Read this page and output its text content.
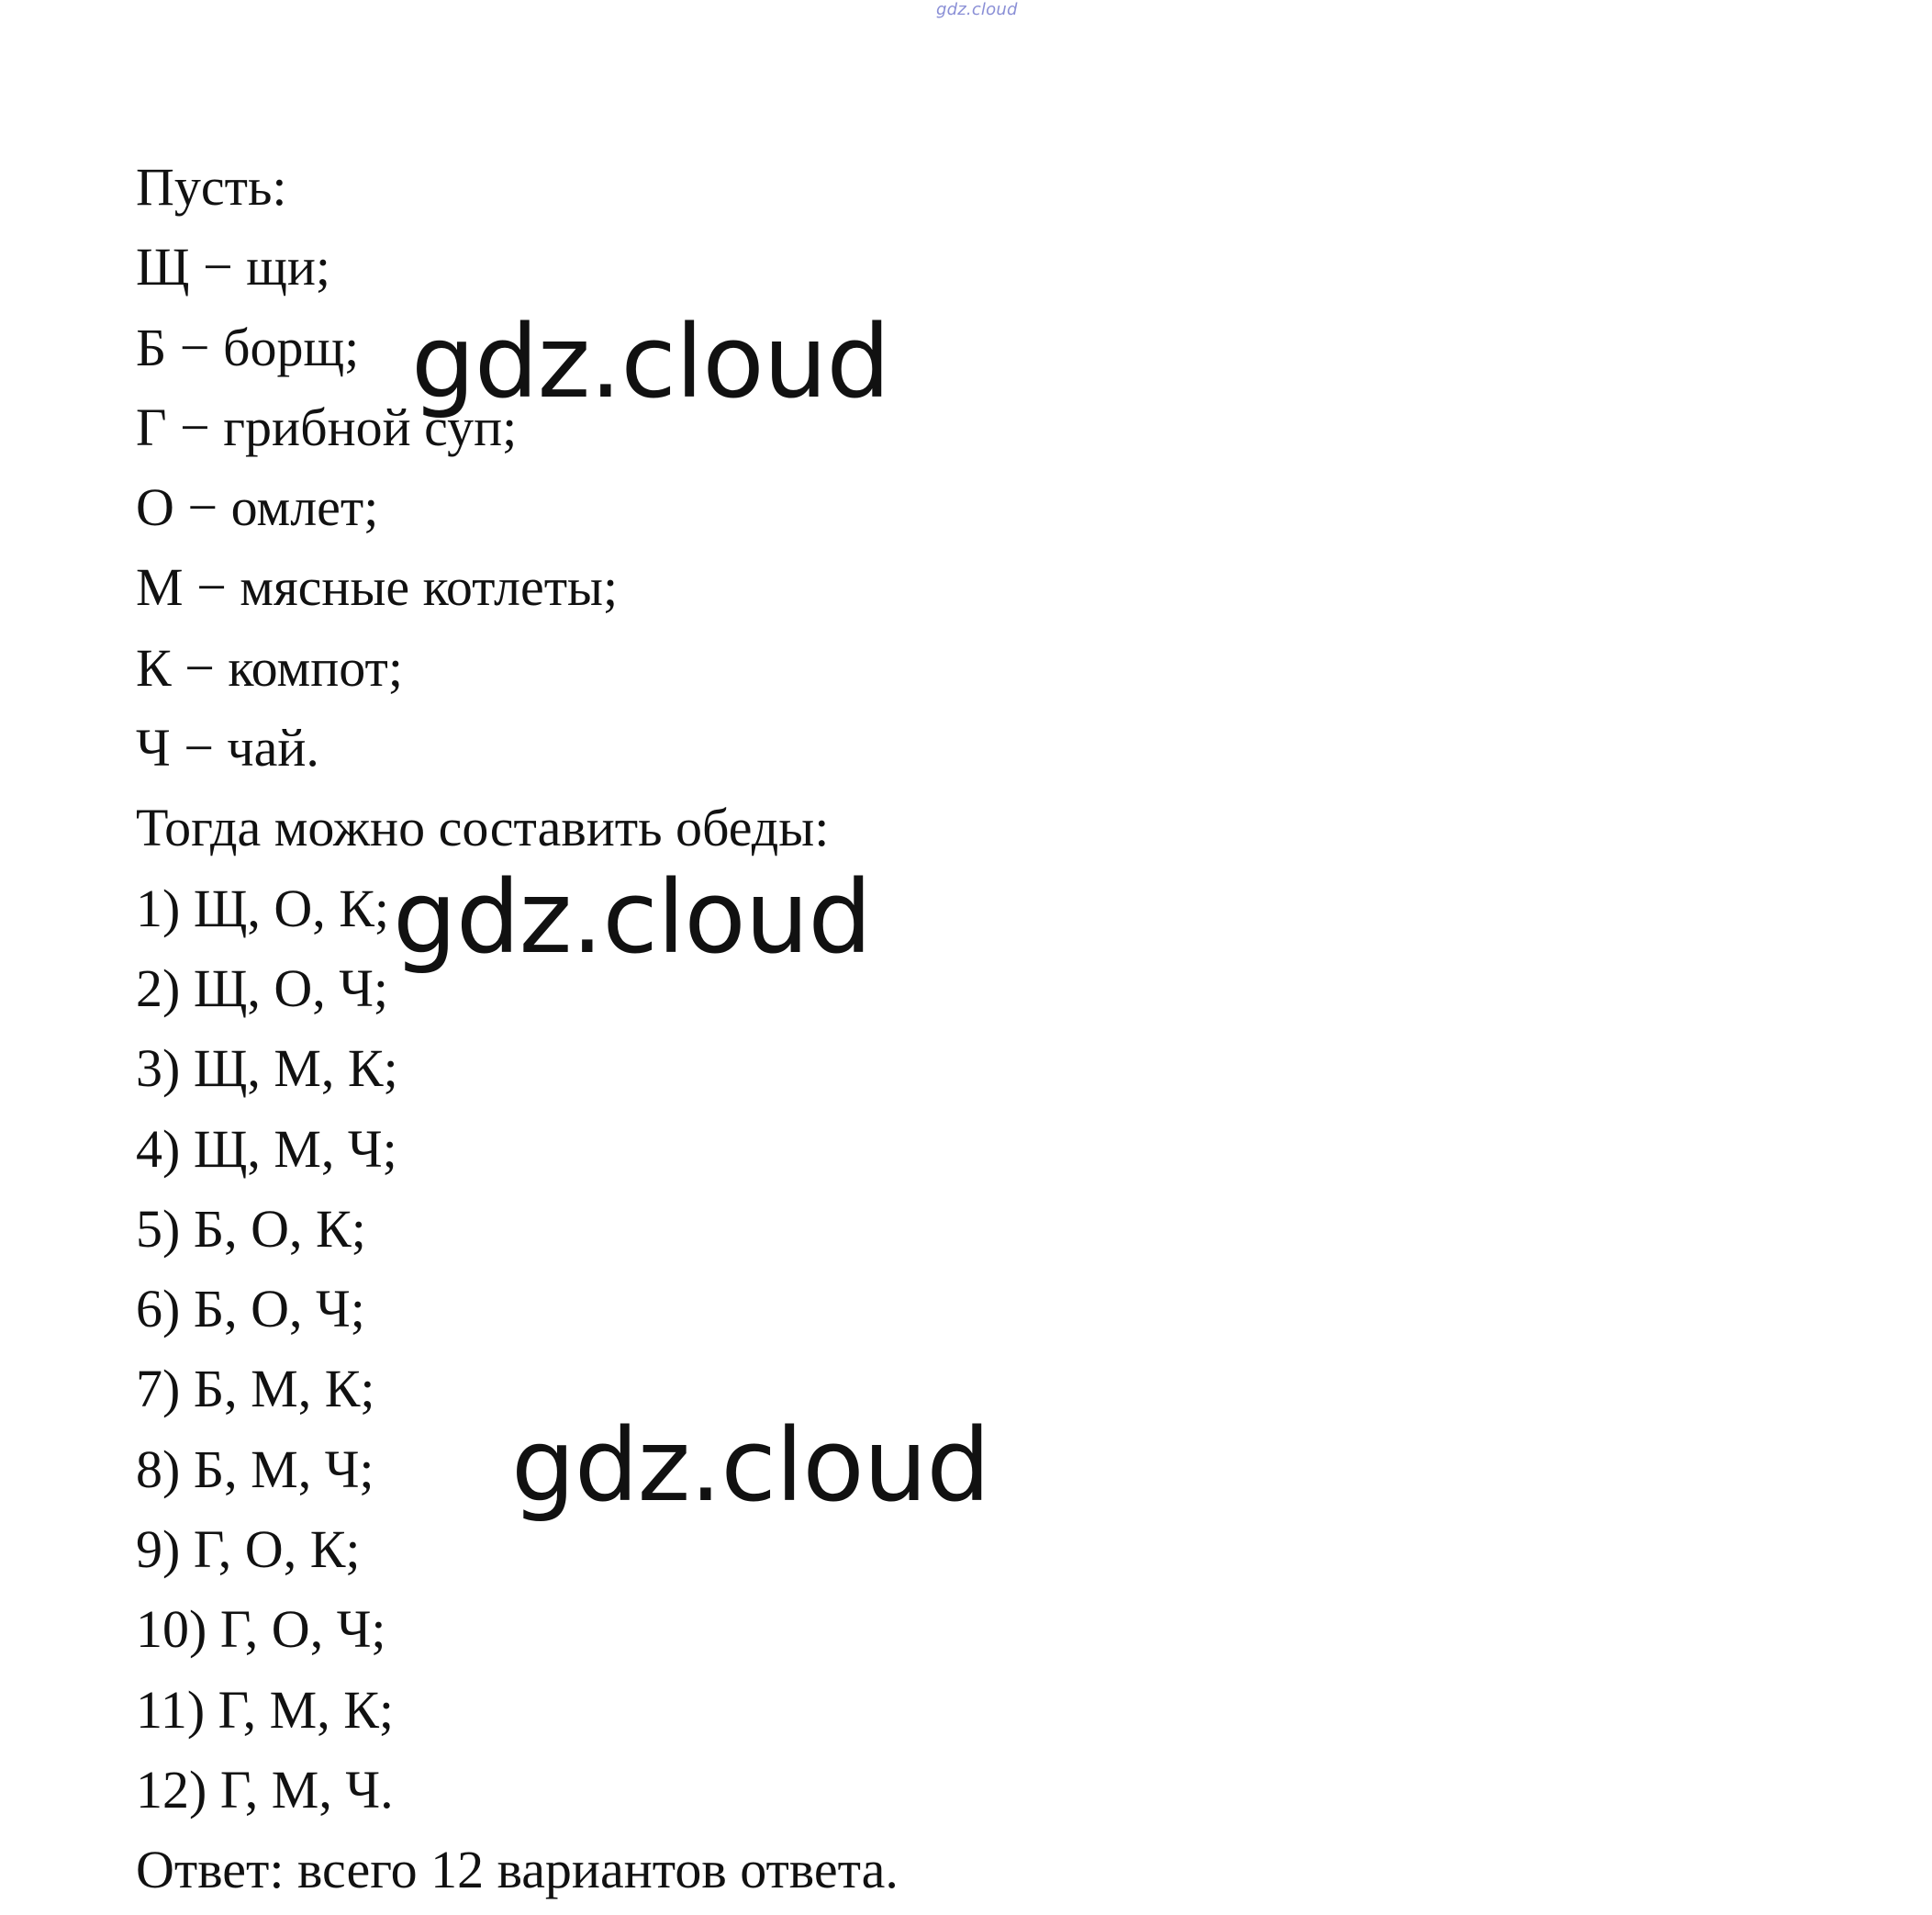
gdz.cloud
Пусть:
Щ − щи;
Б − борщ;
Г − грибной суп;
О − омлет;
М − мясные котлеты;
К − компот;
Ч − чай.
Тогда можно составить обеды:
1) Щ, О, К;
2) Щ, О, Ч;
3) Щ, М, К;
4) Щ, М, Ч;
5) Б, О, К;
6) Б, О, Ч;
7) Б, М, К;
8) Б, М, Ч;
9) Г, О, К;
10) Г, О, Ч;
11) Г, М, К;
12) Г, М, Ч.
Ответ: всего 12 вариантов ответа.
gdz.cloud
gdz.cloud
gdz.cloud
